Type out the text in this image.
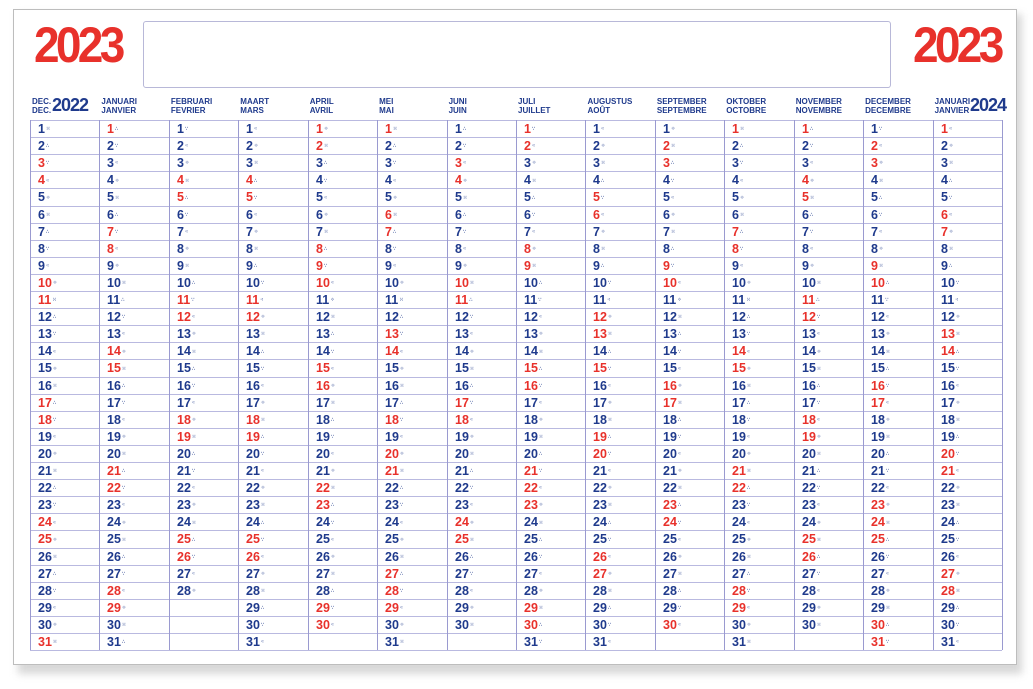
2023	2023
DEC.
DEC. 2022 JANUARI
JANVIER
FEBRUARI
FEVRIER
MAART
MARS
APRIL
AVRIL
MEI
MAI
JUNI
JUIN
JULI
JUILLET
AUGUSTUS
AOÛT
SEPTEMBER
SEPTEMBRE
OKTOBER
OCTOBRE
NOVEMBER
NOVEMBRE
DECEMBER
DECEMBRE
JANUARI
JANVIER 2024
1⁙
2∴
3∵
4⁖
5⁘
6⁙
7∴
8∵
9⁖
10⁘
11⁙
12∴
13∵
14⁖
15⁘
16⁙
17∴
18∵
19⁖
20⁘
21⁙
22∴
23∵
24⁖
25⁘
26⁙
27∴
28∵
29⁖
30⁘
31⁙
1∴
2∵
3⁖
4⁘
5⁙
6∴
7∵
8⁖
9⁘
10⁙
11∴
12∵
13⁖
14⁘
15⁙
16∴
17∵
18⁖
19⁘
20⁙
21∴
22∵
23⁖
24⁘
25⁙
26∴
27∵
28⁖
29⁘
30⁙
31∴
1∵
2⁖
3⁘
4⁙
5∴
6∵
7⁖
8⁘
9⁙
10∴
11∵
12⁖
13⁘
14⁙
15∴
16∵
17⁖
18⁘
19⁙
20∴
21∵
22⁖
23⁘
24⁙
25∴
26∵
27⁖
28⁘
1⁖
2⁘
3⁙
4∴
5∵
6⁖
7⁘
8⁙
9∴
10∵
11⁖
12⁘
13⁙
14∴
15∵
16⁖
17⁘
18⁙
19∴
20∵
21⁖
22⁘
23⁙
24∴
25∵
26⁖
27⁘
28⁙
29∴
30∵
31⁖
1⁘
2⁙
3∴
4∵
5⁖
6⁘
7⁙
8∴
9∵
10⁖
11⁘
12⁙
13∴
14∵
15⁖
16⁘
17⁙
18∴
19∵
20⁖
21⁘
22⁙
23∴
24∵
25⁖
26⁘
27⁙
28∴
29∵
30⁖
1⁙
2∴
3∵
4⁖
5⁘
6⁙
7∴
8∵
9⁖
10⁘
11⁙
12∴
13∵
14⁖
15⁘
16⁙
17∴
18∵
19⁖
20⁘
21⁙
22∴
23∵
24⁖
25⁘
26⁙
27∴
28∵
29⁖
30⁘
31⁙
1∴
2∵
3⁖
4⁘
5⁙
6∴
7∵
8⁖
9⁘
10⁙
11∴
12∵
13⁖
14⁘
15⁙
16∴
17∵
18⁖
19⁘
20⁙
21∴
22∵
23⁖
24⁘
25⁙
26∴
27∵
28⁖
29⁘
30⁙
1∵
2⁖
3⁘
4⁙
5∴
6∵
7⁖
8⁘
9⁙
10∴
11∵
12⁖
13⁘
14⁙
15∴
16∵
17⁖
18⁘
19⁙
20∴
21∵
22⁖
23⁘
24⁙
25∴
26∵
27⁖
28⁘
29⁙
30∴
31∵
1⁖
2⁘
3⁙
4∴
5∵
6⁖
7⁘
8⁙
9∴
10∵
11⁖
12⁘
13⁙
14∴
15∵
16⁖
17⁘
18⁙
19∴
20∵
21⁖
22⁘
23⁙
24∴
25∵
26⁖
27⁘
28⁙
29∴
30∵
31⁖
1⁘
2⁙
3∴
4∵
5⁖
6⁘
7⁙
8∴
9∵
10⁖
11⁘
12⁙
13∴
14∵
15⁖
16⁘
17⁙
18∴
19∵
20⁖
21⁘
22⁙
23∴
24∵
25⁖
26⁘
27⁙
28∴
29∵
30⁖
1⁙
2∴
3∵
4⁖
5⁘
6⁙
7∴
8∵
9⁖
10⁘
11⁙
12∴
13∵
14⁖
15⁘
16⁙
17∴
18∵
19⁖
20⁘
21⁙
22∴
23∵
24⁖
25⁘
26⁙
27∴
28∵
29⁖
30⁘
31⁙
1∴
2∵
3⁖
4⁘
5⁙
6∴
7∵
8⁖
9⁘
10⁙
11∴
12∵
13⁖
14⁘
15⁙
16∴
17∵
18⁖
19⁘
20⁙
21∴
22∵
23⁖
24⁘
25⁙
26∴
27∵
28⁖
29⁘
30⁙
1∵
2⁖
3⁘
4⁙
5∴
6∵
7⁖
8⁘
9⁙
10∴
11∵
12⁖
13⁘
14⁙
15∴
16∵
17⁖
18⁘
19⁙
20∴
21∵
22⁖
23⁘
24⁙
25∴
26∵
27⁖
28⁘
29⁙
30∴
31∵
1⁖
2⁘
3⁙
4∴
5∵
6⁖
7⁘
8⁙
9∴
10∵
11⁖
12⁘
13⁙
14∴
15∵
16⁖
17⁘
18⁙
19∴
20∵
21⁖
22⁘
23⁙
24∴
25∵
26⁖
27⁘
28⁙
29∴
30∵
31⁖
